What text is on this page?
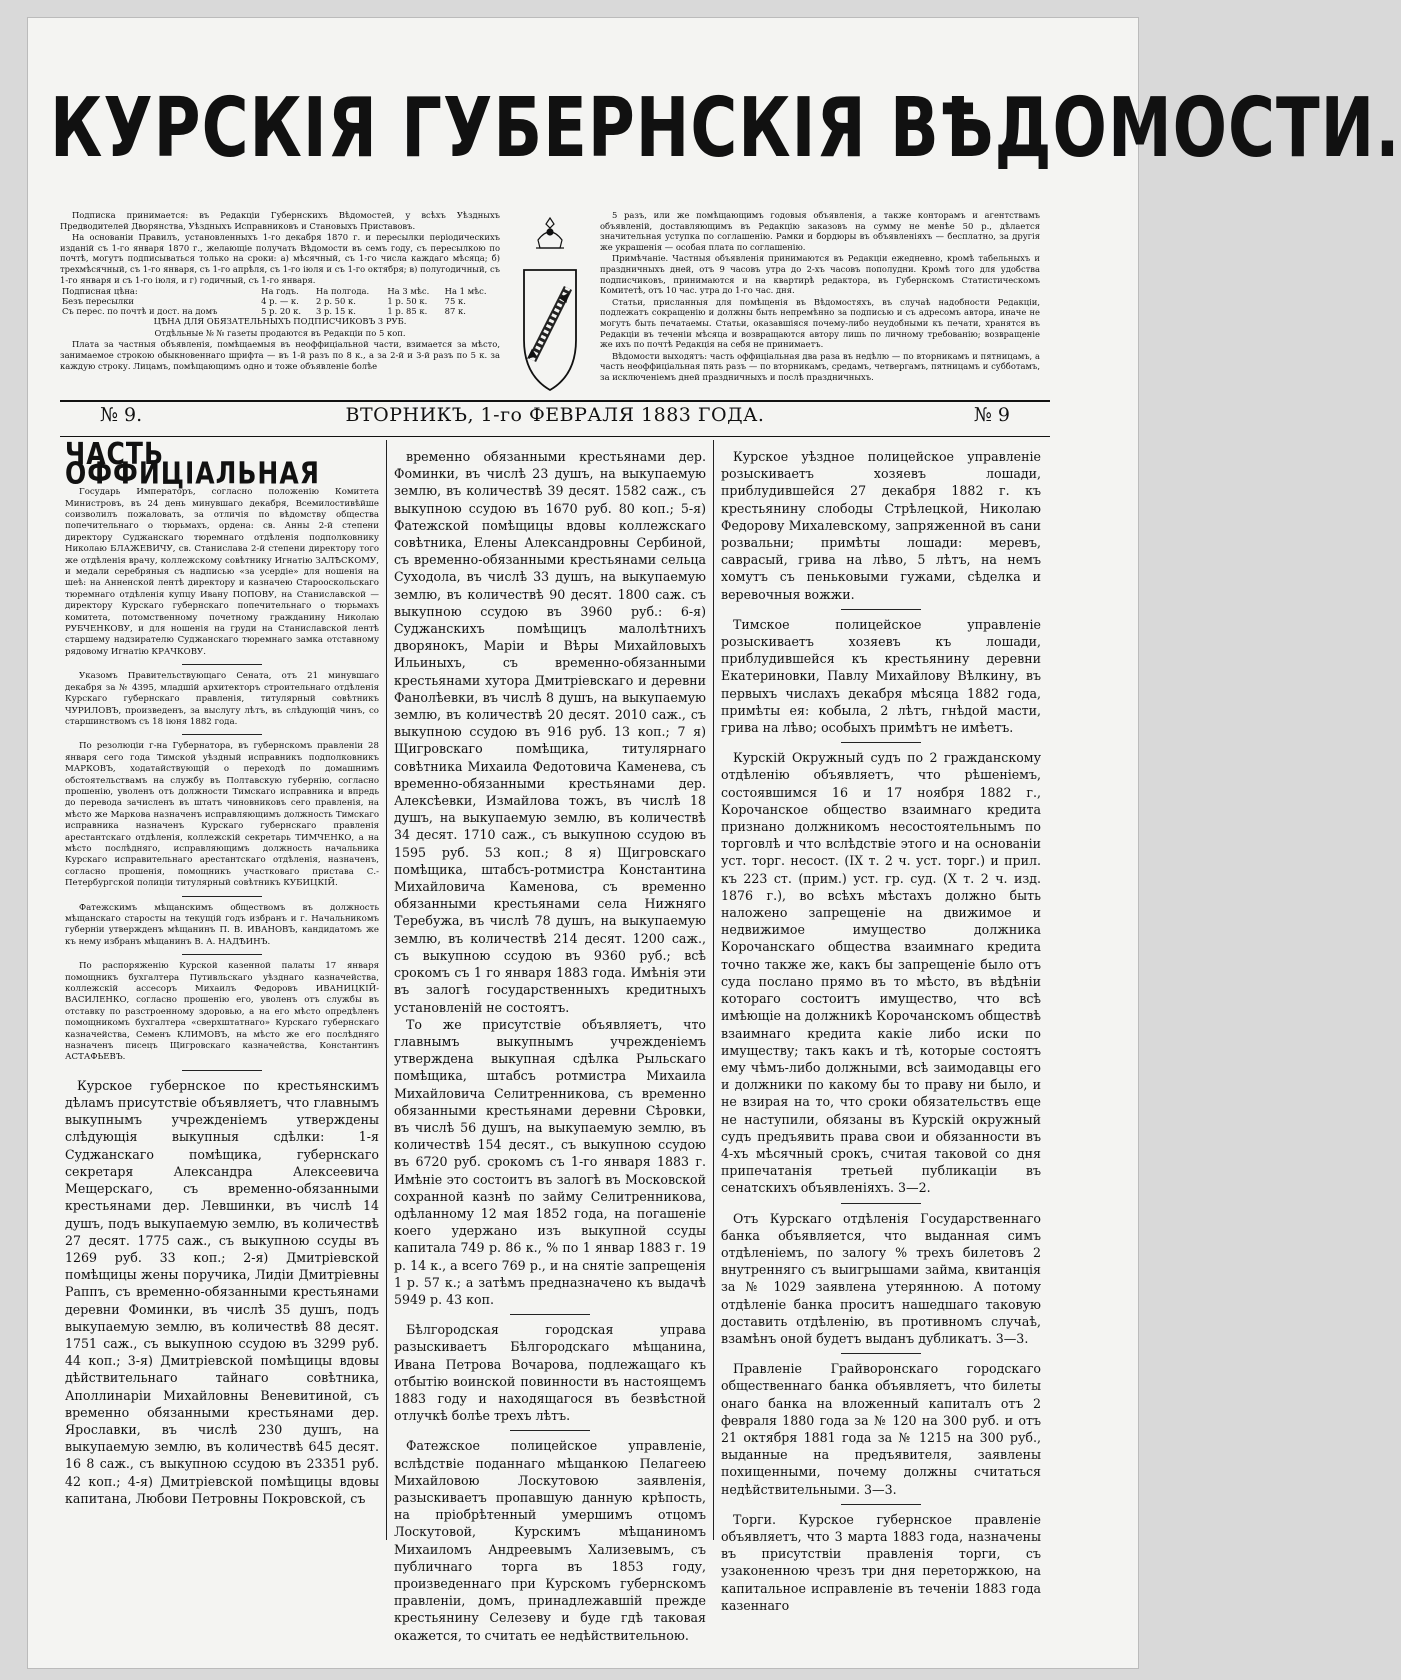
КУРСКІЯ ГУБЕРНСКІЯ ВѢДОМОСТИ.

Подписка принимается: въ Редакціи Губернскихъ Вѣдомостей, у всѣхъ Уѣздныхъ Предводителей Дворянства, Уѣздныхъ Исправниковъ и Становыхъ Приставовъ.

На основаніи Правилъ, установленныхъ 1-го декабря 1870 г. и пересылки періодическихъ изданій съ 1-го января 1870 г., желающіе получать Вѣдомости въ семъ году, съ пересылкою по почтѣ, могутъ подписываться только на сроки: а) мѣсячный, съ 1-го числа каждаго мѣсяца; б) трехмѣсячный, съ 1-го января, съ 1-го апрѣля, съ 1-го іюля и съ 1-го октября; в) полугодичный, съ 1-го января и съ 1-го іюля, и г) годичный, съ 1-го января.

Подписная цѣна:	На годъ.	На полгода.	На 3 мѣс.	На 1 мѣс.
Безъ пересылки	4 р. — к.	2 р. 50 к.	1 р. 50 к.	75 к.
Съ перес. по почтѣ и дост. на домъ	5 р. 20 к.	3 р. 15 к.	1 р. 85 к.	87 к.

ЦѢНА ДЛЯ ОБЯЗАТЕЛЬНЫХЪ ПОДПИСЧИКОВЪ 3 РУБ.

Отдѣльные № № газеты продаются въ Редакціи по 5 коп.

Плата за частныя объявленія, помѣщаемыя въ неоффиціальной части, взимается за мѣсто, занимаемое строкою обыкновеннаго шрифта — въ 1-й разъ по 8 к., а за 2-й и 3-й разъ по 5 к. за каждую строку. Лицамъ, помѣщающимъ одно и тоже объявленіе болѣе

5 разъ, или же помѣщающимъ годовыя объявленія, а также конторамъ и агентствамъ объявленій, доставляющимъ въ Редакцію заказовъ на сумму не менѣе 50 р., дѣлается значительная уступка по соглашенію. Рамки и бордюры въ объявленіяхъ — бесплатно, за другія же украшенія — особая плата по соглашенію.

Примѣчаніе. Частныя объявленія принимаются въ Редакціи ежедневно, кромѣ табельныхъ и праздничныхъ дней, отъ 9 часовъ утра до 2-хъ часовъ пополудни. Кромѣ того для удобства подписчиковъ, принимаются и на квартирѣ редактора, въ Губернскомъ Статистическомъ Комитетѣ, отъ 10 час. утра до 1-го час. дня.

Статьи, присланныя для помѣщенія въ Вѣдомостяхъ, въ случаѣ надобности Редакціи, подлежатъ сокращенію и должны быть непремѣнно за подписью и съ адресомъ автора, иначе не могутъ быть печатаемы. Статьи, оказавшіяся почему-либо неудобными къ печати, хранятся въ Редакціи въ теченіи мѣсяца и возвращаются автору лишь по личному требованію; возвращеніе же ихъ по почтѣ Редакція на себя не принимаетъ.

Вѣдомости выходятъ: часть оффиціальная два раза въ недѣлю — по вторникамъ и пятницамъ, а часть неоффиціальная пять разъ — по вторникамъ, средамъ, четвергамъ, пятницамъ и субботамъ, за исключеніемъ дней праздничныхъ и послѣ праздничныхъ.

№ 9.	ВТОРНИКЪ, 1-го ФЕВРАЛЯ 1883 ГОДА.	№ 9
ЧАСТЬ ОФФИЦІАЛЬНАЯ

Государь Императоръ, согласно положенію Комитета Министровъ, въ 24 день минувшаго декабря, Всемилостивѣйше соизволилъ пожаловать, за отличія по вѣдомству общества попечительнаго о тюрьмахъ, ордена: св. Анны 2-й степени директору Суджанскаго тюремнаго отдѣленія подполковнику Николаю БЛАЖЕВИЧУ, св. Станислава 2-й степени директору того же отдѣленія врачу, коллежскому совѣтнику Игнатію ЗАЛѢСКОМУ, и медали серебряныя съ надписью «за усердіе» для ношенія на шеѣ: на Анненской лентѣ директору и казначею Старооскольскаго тюремнаго отдѣленія купцу Ивану ПОПОВУ, на Станиславской — директору Курскаго губернскаго попечительнаго о тюрьмахъ комитета, потомственному почетному гражданину Николаю РУБЧЕНКОВУ, и для ношенія на груди на Станиславской лентѣ старшему надзирателю Суджанскаго тюремнаго замка отставному рядовому Игнатію КРАЧКОВУ.

Указомъ Правительствующаго Сената, отъ 21 минувшаго декабря за № 4395, младшій архитекторъ строительнаго отдѣленія Курскаго губернскаго правленія, титулярный совѣтникъ ЧУРИЛОВЪ, произведенъ, за выслугу лѣтъ, въ слѣдующій чинъ, со старшинствомъ съ 18 іюня 1882 года.

По резолюціи г-на Губернатора, въ губернскомъ правленіи 28 января сего года Тимской уѣздный исправникъ подполковникъ МАРКОВЪ, ходатайствующій о переходѣ по домашнимъ обстоятельствамъ на службу въ Полтавскую губернію, согласно прошенію, уволенъ отъ должности Тимскаго исправника и впредь до перевода зачисленъ въ штатъ чиновниковъ сего правленія, на мѣсто же Маркова назначенъ исправляющимъ должность Тимскаго исправника назначенъ Курскаго губернскаго правленія арестантскаго отдѣленія, коллежскій секретарь ТИМЧЕНКО, а на мѣсто послѣдняго, исправляющимъ должность начальника Курскаго исправительнаго арестантскаго отдѣленія, назначенъ, согласно прошенія, помощникъ участковаго пристава С.-Петербургской полиціи титулярный совѣтникъ КУБИЦКІЙ.

Фатежскимъ мѣщанскимъ обществомъ въ должность мѣщанскаго старосты на текущій годъ избранъ и г. Начальникомъ губерніи утвержденъ мѣщанинъ П. В. ИВАНОВЪ, кандидатомъ же къ нему избранъ мѣщанинъ В. А. НАДѢИНЪ.

По распоряженію Курской казенной палаты 17 января помощникъ бухгалтера Путивльскаго уѣзднаго казначейства, коллежскій ассесоръ Михаилъ Федоровъ ИВАНИЦКІЙ-ВАСИЛЕНКО, согласно прошенію его, уволенъ отъ службы въ отставку по разстроенному здоровью, а на его мѣсто опредѣленъ помощникомъ бухгалтера «сверхштатнаго» Курскаго губернскаго казначейства, Семенъ КЛИМОВЪ, на мѣсто же его послѣдняго назначенъ писецъ Щигровскаго казначейства, Константинъ АСТАФЬЕВЪ.

Курское губернское по крестьянскимъ дѣламъ присутствіе объявляетъ, что главнымъ выкупнымъ учрежденіемъ утверждены слѣдующія выкупныя сдѣлки: 1-я Суджанскаго помѣщика, губернскаго секретаря Александра Алексеевича Мещерскаго, съ временно-обязанными крестьянами дер. Левшинки, въ числѣ 14 душъ, подъ выкупаемую землю, въ количествѣ 27 десят. 1775 саж., съ выкупною ссуды въ 1269 руб. 33 коп.; 2-я) Дмитріевской помѣщицы жены поручика, Лидіи Дмитріевны Раппъ, съ временно-обязанными крестьянами деревни Фоминки, въ числѣ 35 душъ, подъ выкупаемую землю, въ количествѣ 88 десят. 1751 саж., съ выкупною ссудою въ 3299 руб. 44 коп.; 3-я) Дмитріевской помѣщицы вдовы дѣйствительнаго тайнаго совѣтника, Аполлинаріи Михайловны Веневитиной, съ временно обязанными крестьянами дер. Ярославки, въ числѣ 230 душъ, на выкупаемую землю, въ количествѣ 645 десят. 16 8 саж., съ выкупною ссудою въ 23351 руб. 42 коп.; 4-я) Дмитріевской помѣщицы вдовы капитана, Любови Петровны Покровской, съ

временно обязанными крестьянами дер. Фоминки, въ числѣ 23 душъ, на выкупаемую землю, въ количествѣ 39 десят. 1582 саж., съ выкупною ссудою въ 1670 руб. 80 коп.; 5-я) Фатежской помѣщицы вдовы коллежскаго совѣтника, Елены Александровны Сербиной, съ временно-обязанными крестьянами сельца Суходола, въ числѣ 33 душъ, на выкупаемую землю, въ количествѣ 90 десят. 1800 саж. съ выкупною ссудою въ 3960 руб.: 6-я) Суджанскихъ помѣщицъ малолѣтнихъ дворянокъ, Маріи и Вѣры Михайловыхъ Ильиныхъ, съ временно-обязанными крестьянами хутора Дмитріевскаго и деревни Фанолѣевки, въ числѣ 8 душъ, на выкупаемую землю, въ количествѣ 20 десят. 2010 саж., съ выкупною ссудою въ 916 руб. 13 коп.; 7 я) Щигровскаго помѣщика, титулярнаго совѣтника Михаила Федотовича Каменева, съ временно-обязанными крестьянами дер. Алексѣевки, Измайлова тожъ, въ числѣ 18 душъ, на выкупаемую землю, въ количествѣ 34 десят. 1710 саж., съ выкупною ссудою въ 1595 руб. 53 коп.; 8 я) Щигровскаго помѣщика, штабсъ-ротмистра Константина Михайловича Каменова, съ временно обязанными крестьянами села Нижняго Теребужа, въ числѣ 78 душъ, на выкупаемую землю, въ количествѣ 214 десят. 1200 саж., съ выкупною ссудою въ 9360 руб.; всѣ срокомъ съ 1 го января 1883 года. Имѣнія эти въ залогѣ государственныхъ кредитныхъ установленій не состоятъ.

То же присутствіе объявляетъ, что главнымъ выкупнымъ учрежденіемъ утверждена выкупная сдѣлка Рыльскаго помѣщика, штабсъ ротмистра Михаила Михайловича Селитренникова, съ временно обязанными крестьянами деревни Сѣровки, въ числѣ 56 душъ, на выкупаемую землю, въ количествѣ 154 десят., съ выкупною ссудою въ 6720 руб. срокомъ съ 1-го января 1883 г. Имѣніе это состоитъ въ залогѣ въ Московской сохранной казнѣ по займу Селитренникова, одѣланному 12 мая 1852 года, на погашеніе коего удержано изъ выкупной ссуды капитала 749 р. 86 к., % по 1 январ 1883 г. 19 р. 14 к., а всего 769 р., и на снятіе запрещенія 1 р. 57 к.; а затѣмъ предназначено къ выдачѣ 5949 р. 43 коп.

Бѣлгородская городская управа разыскиваетъ Бѣлгородскаго мѣщанина, Ивана Петрова Вочарова, подлежащаго къ отбытію воинской повинности въ настоящемъ 1883 году и находящагося въ безвѣстной отлучкѣ болѣе трехъ лѣтъ.

Фатежское полицейское управленіе, вслѣдствіе поданнаго мѣщанкою Пелагеею Михайловою Лоскутовою заявленія, разыскиваетъ пропавшую данную крѣпость, на пріобрѣтенный умершимъ отцомъ Лоскутовой, Курскимъ мѣщаниномъ Михаиломъ Андреевымъ Хализевымъ, съ публичнаго торга въ 1853 году, произведеннаго при Курскомъ губернскомъ правленіи, домъ, принадлежавшій прежде крестьянину Селезеву и буде гдѣ таковая окажется, то считать ее недѣйствительною.

Курское уѣздное полицейское управленіе розыскиваетъ хозяевъ лошади, приблудившейся 27 декабря 1882 г. къ крестьянину слободы Стрѣлецкой, Николаю Федорову Михалевскому, запряженной въ сани розвальни; примѣты лошади: меревъ, саврасый, грива на лѣво, 5 лѣтъ, на немъ хомутъ съ пеньковыми гужами, сѣделка и веревочныя вожжи.

Тимское полицейское управленіе розыскиваетъ хозяевъ къ лошади, приблудившейся къ крестьянину деревни Екатериновки, Павлу Михайлову Вѣлкину, въ первыхъ числахъ декабря мѣсяца 1882 года, примѣты ея: кобыла, 2 лѣтъ, гнѣдой масти, грива на лѣво; особыхъ примѣтъ не имѣетъ.

Курскій Окружный судъ по 2 гражданскому отдѣленію объявляетъ, что рѣшеніемъ, состоявшимся 16 и 17 ноября 1882 г., Корочанское общество взаимнаго кредита признано должникомъ несостоятельнымъ по торговлѣ и что вслѣдствіе этого и на основаніи уст. торг. несост. (IX т. 2 ч. уст. торг.) и прил. къ 223 ст. (прим.) уст. гр. суд. (X т. 2 ч. изд. 1876 г.), во всѣхъ мѣстахъ должно быть наложено запрещеніе на движимое и недвижимое имущество должника Корочанскаго общества взаимнаго кредита точно также же, какъ бы запрещеніе было отъ суда послано прямо въ то мѣсто, въ вѣдѣніи котораго состоитъ имущество, что всѣ имѣющіе на должникѣ Корочанскомъ обществѣ взаимнаго кредита какіе либо иски по имуществу; такъ какъ и тѣ, которые состоятъ ему чѣмъ-либо должными, всѣ заимодавцы его и должники по какому бы то праву ни было, и не взирая на то, что сроки обязательствъ еще не наступили, обязаны въ Курскій окружный судъ предъявить права свои и обязанности въ 4-хъ мѣсячный срокъ, считая таковой со дня припечатанія третьей публикаціи въ сенатскихъ объявленіяхъ. 3—2.

Отъ Курскаго отдѣленія Государственнаго банка объявляется, что выданная симъ отдѣленіемъ, по залогу % трехъ билетовъ 2 внутренняго съ выигрышами займа, квитанція за № 1029 заявлена утерянною. А потому отдѣленіе банка проситъ нашедшаго таковую доставить отдѣленію, въ противномъ случаѣ, взамѣнъ оной будетъ выданъ дубликатъ. 3—3.

Правленіе Грайворонскаго городскаго общественнаго банка объявляетъ, что билеты онаго банка на вложенный капиталъ отъ 2 февраля 1880 года за № 120 на 300 руб. и отъ 21 октября 1881 года за № 1215 на 300 руб., выданные на предъявителя, заявлены похищенными, почему должны считаться недѣйствительными. 3—3.

Торги. Курское губернское правленіе объявляетъ, что 3 марта 1883 года, назначены въ присутствіи правленія торги, съ узаконенною чрезъ три дня переторжкою, на капитальное исправленіе въ теченіи 1883 года казеннаго
